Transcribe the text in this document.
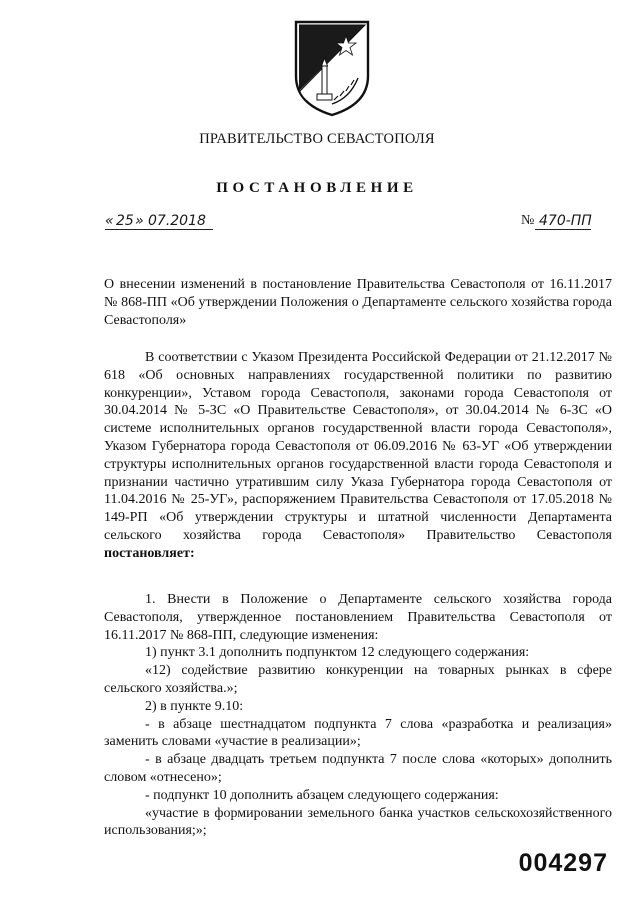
ПРАВИТЕЛЬСТВО СЕВАСТОПОЛЯ
ПОСТАНОВЛЕНИЕ
« 25 » 07.2018	№ 470-ПП
О внесении изменений в постановление Правительства Севастополя от 16.11.2017 № 868-ПП «Об утверждении Положения о Департаменте сельского хозяйства города Севастополя»

В соответствии с Указом Президента Российской Федерации от 21.12.2017 № 618 «Об основных направлениях государственной политики по развитию конкуренции», Уставом города Севастополя, законами города Севастополя от 30.04.2014 № 5-ЗС «О Правительстве Севастополя», от 30.04.2014 № 6-ЗС «О системе исполнительных органов государственной власти города Севастополя», Указом Губернатора города Севастополя от 06.09.2016 № 63-УГ «Об утверждении структуры исполнительных органов государственной власти города Севастополя и признании частично утратившим силу Указа Губернатора города Севастополя от 11.04.2016 № 25-УГ», распоряжением Правительства Севастополя от 17.05.2018 № 149-РП «Об утверждении структуры и штатной численности Департамента сельского хозяйства города Севастополя» Правительство Севастополя постановляет:

1. Внести в Положение о Департаменте сельского хозяйства города Севастополя, утвержденное постановлением Правительства Севастополя от 16.11.2017 № 868-ПП, следующие изменения:

1) пункт 3.1 дополнить подпунктом 12 следующего содержания:

«12) содействие развитию конкуренции на товарных рынках в сфере сельского хозяйства.»;

2) в пункте 9.10:

- в абзаце шестнадцатом подпункта 7 слова «разработка и реализация» заменить словами «участие в реализации»;

- в абзаце двадцать третьем подпункта 7 после слова «которых» дополнить словом «отнесено»;

- подпункт 10 дополнить абзацем следующего содержания:

«участие в формировании земельного банка участков сельскохозяйственного использования;»;

004297
